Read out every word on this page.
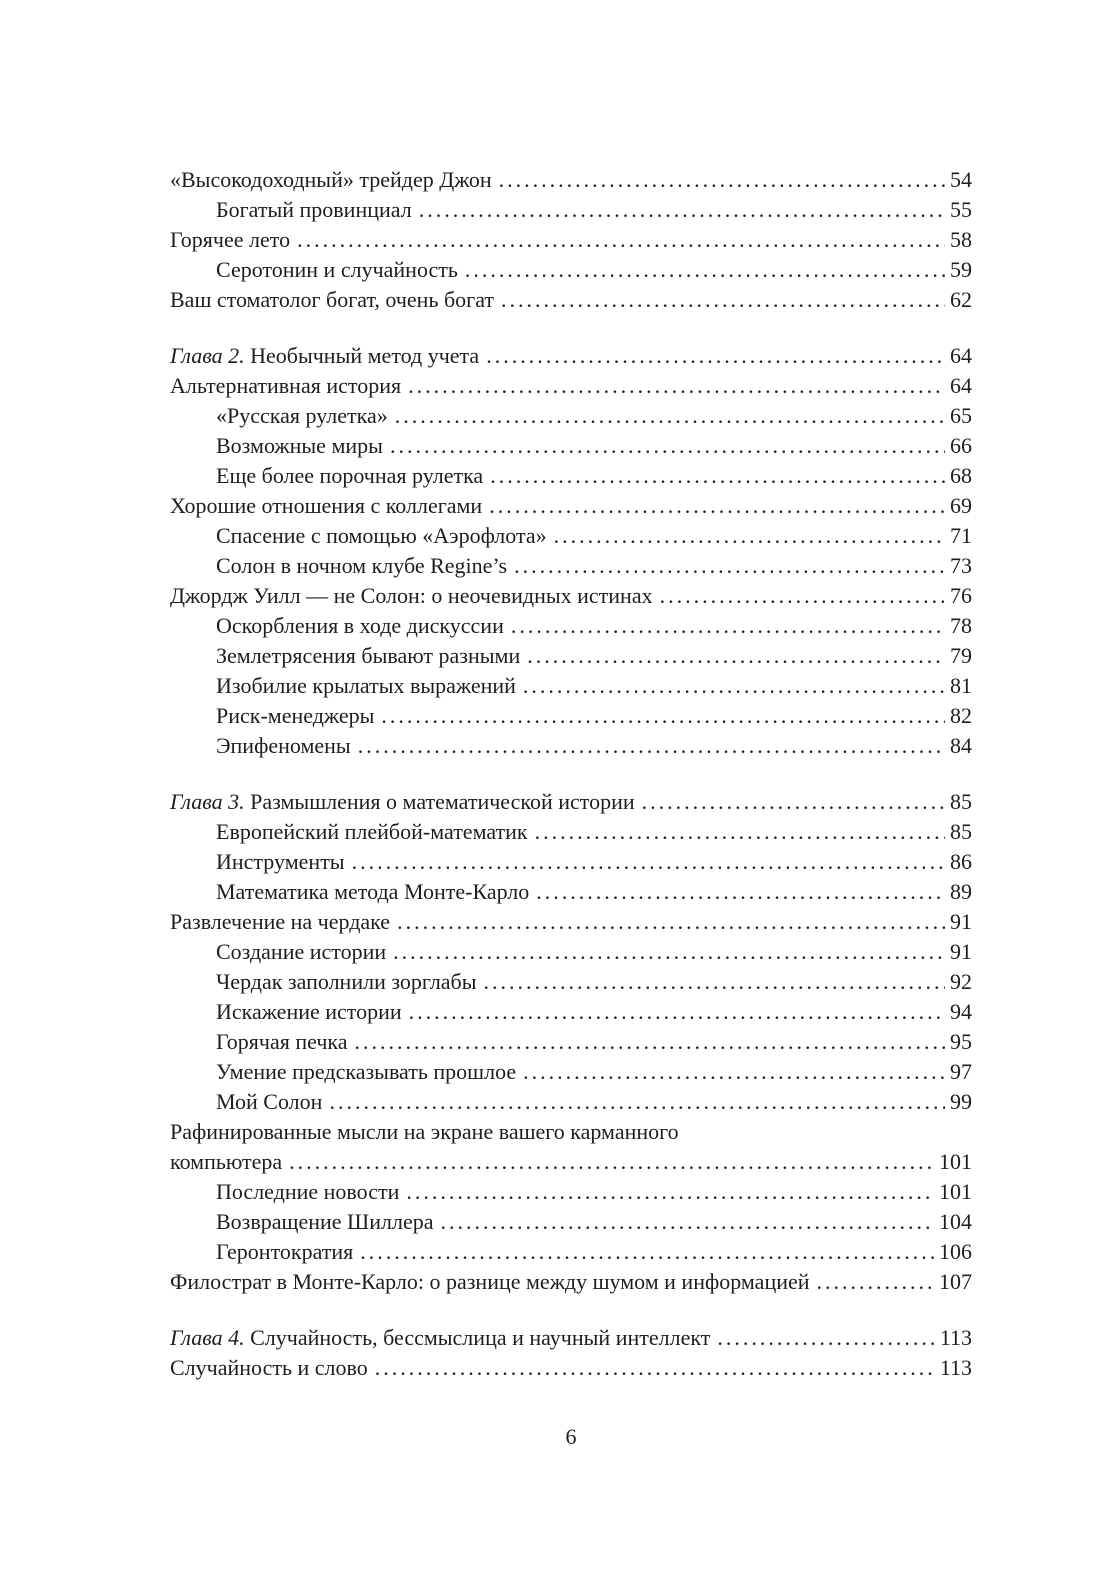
«Высокодоходный» трейдер Джон .....	54
Богатый провинциал .....	55
Горячее лето .....	58
Серотонин и случайность .....	59
Ваш стоматолог богат, очень богат .....	62
Глава 2. Необычный метод учета .....	64
Альтернативная история .....	64
«Русская рулетка» .....	65
Возможные миры .....	66
Еще более порочная рулетка .....	68
Хорошие отношения с коллегами .....	69
Спасение с помощью «Аэрофлота» .....	71
Солон в ночном клубе Regine’s .....	73
Джордж Уилл — не Солон: о неочевидных истинах .....	76
Оскорбления в ходе дискуссии .....	78
Землетрясения бывают разными .....	79
Изобилие крылатых выражений .....	81
Риск-менеджеры .....	82
Эпифеномены .....	84
Глава 3. Размышления о математической истории .....	85
Европейский плейбой-математик .....	85
Инструменты .....	86
Математика метода Монте-Карло .....	89
Развлечение на чердаке .....	91
Создание истории .....	91
Чердак заполнили зорглабы .....	92
Искажение истории .....	94
Горячая печка .....	95
Умение предсказывать прошлое .....	97
Мой Солон .....	99
Рафинированные мысли на экране вашего карманного
компьютера .....	101
Последние новости .....	101
Возвращение Шиллера .....	104
Геронтократия .....	106
Филострат в Монте-Карло: о разнице между шумом и информацией .....	107
Глава 4. Случайность, бессмыслица и научный интеллект .....	113
Случайность и слово .....	113
6
